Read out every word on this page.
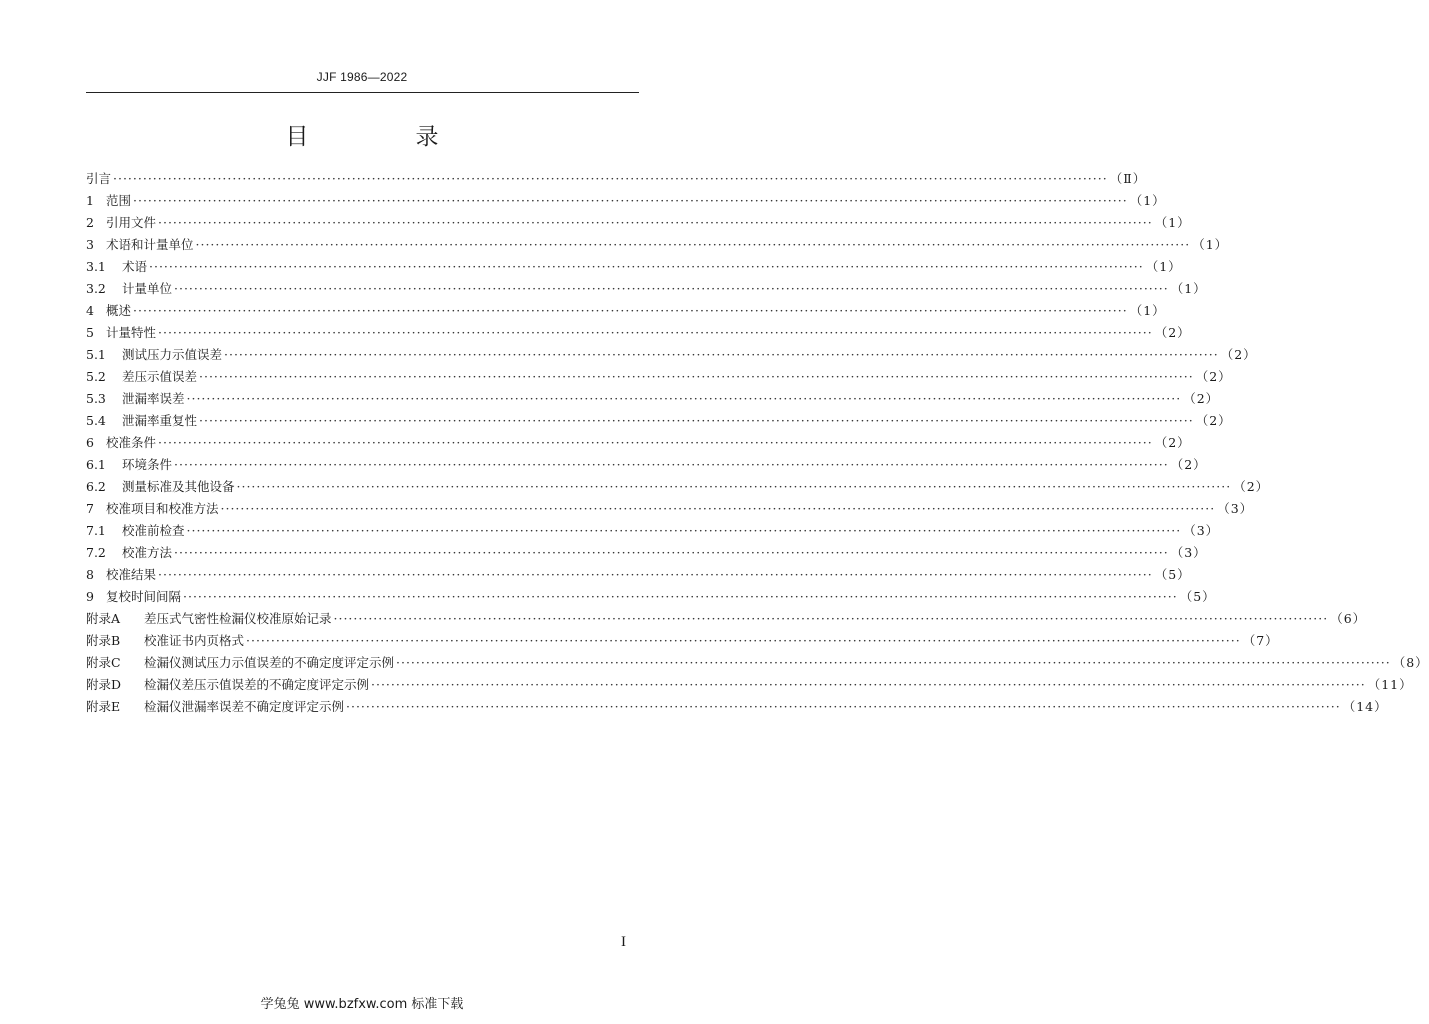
JJF 1986—2022
目　录
引言 ········································································································································································································ （Ⅱ）
1 范围 ········································································································································································································ （1）
2 引用文件 ········································································································································································································ （1）
3 术语和计量单位 ········································································································································································································ （1）
3.1	术语 ········································································································································································································ （1）
3.2	计量单位 ········································································································································································································ （1）
4 概述 ········································································································································································································ （1）
5 计量特性 ········································································································································································································ （2）
5.1	测试压力示值误差 ········································································································································································································ （2）
5.2	差压示值误差 ········································································································································································································ （2）
5.3	泄漏率误差 ········································································································································································································ （2）
5.4	泄漏率重复性 ········································································································································································································ （2）
6 校准条件 ········································································································································································································ （2）
6.1	环境条件 ········································································································································································································ （2）
6.2	测量标准及其他设备 ········································································································································································································ （2）
7 校准项目和校准方法 ········································································································································································································ （3）
7.1	校准前检查 ········································································································································································································ （3）
7.2	校准方法 ········································································································································································································ （3）
8 校准结果 ········································································································································································································ （5）
9 复校时间间隔 ········································································································································································································ （5）
附录A	差压式气密性检漏仪校准原始记录 ········································································································································································································ （6）
附录B	校准证书内页格式 ········································································································································································································ （7）
附录C	检漏仪测试压力示值误差的不确定度评定示例 ········································································································································································································ （8）
附录D	检漏仪差压示值误差的不确定度评定示例 ········································································································································································································ （11）
附录E	检漏仪泄漏率误差不确定度评定示例 ········································································································································································································ （14）
I
学兔兔 www.bzfxw.com 标准下载
